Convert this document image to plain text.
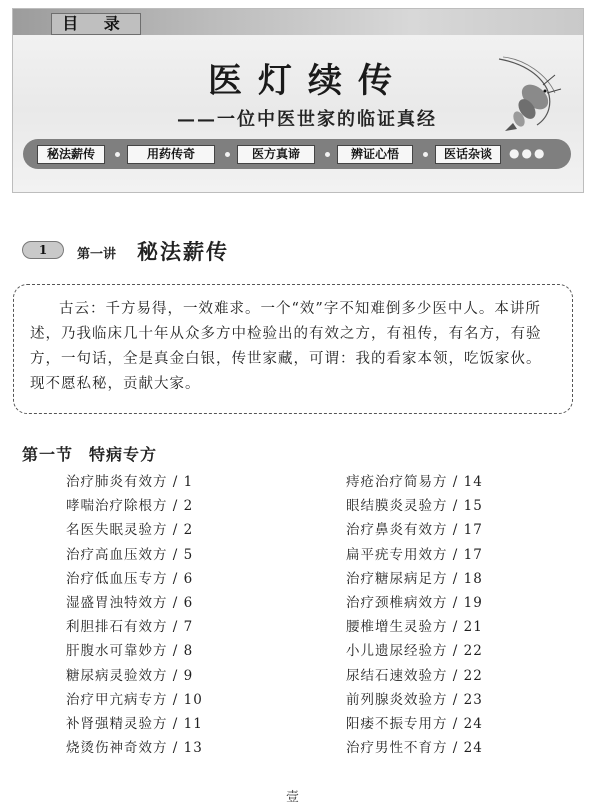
目 录
医灯续传
——一位中医世家的临证真经
秘法薪传	用药传奇	医方真谛	辨证心悟	医话杂谈	●●●
1	第一讲 秘法薪传

古云：千方易得，一效难求。一个“效”字不知难倒多少医中人。本讲所述，乃我临床几十年从众多方中检验出的有效之方，有祖传，有名方，有验方，一句话，全是真金白银，传世家藏，可谓：我的看家本领，吃饭家伙。现不愿私秘，贡献大家。

第一节 特病专方
治疗肺炎有效方 / 1
哮喘治疗除根方 / 2
名医失眠灵验方 / 2
治疗高血压效方 / 5
治疗低血压专方 / 6
湿盛胃浊特效方 / 6
利胆排石有效方 / 7
肝腹水可靠妙方 / 8
糖尿病灵验效方 / 9
治疗甲亢病专方 / 10
补肾强精灵验方 / 11
烧烫伤神奇效方 / 13
痔疮治疗简易方 / 14
眼结膜炎灵验方 / 15
治疗鼻炎有效方 / 17
扁平疣专用效方 / 17
治疗糖尿病足方 / 18
治疗颈椎病效方 / 19
腰椎增生灵验方 / 21
小儿遗尿经验方 / 22
尿结石速效验方 / 22
前列腺炎效验方 / 23
阳痿不振专用方 / 24
治疗男性不育方 / 24
壹
